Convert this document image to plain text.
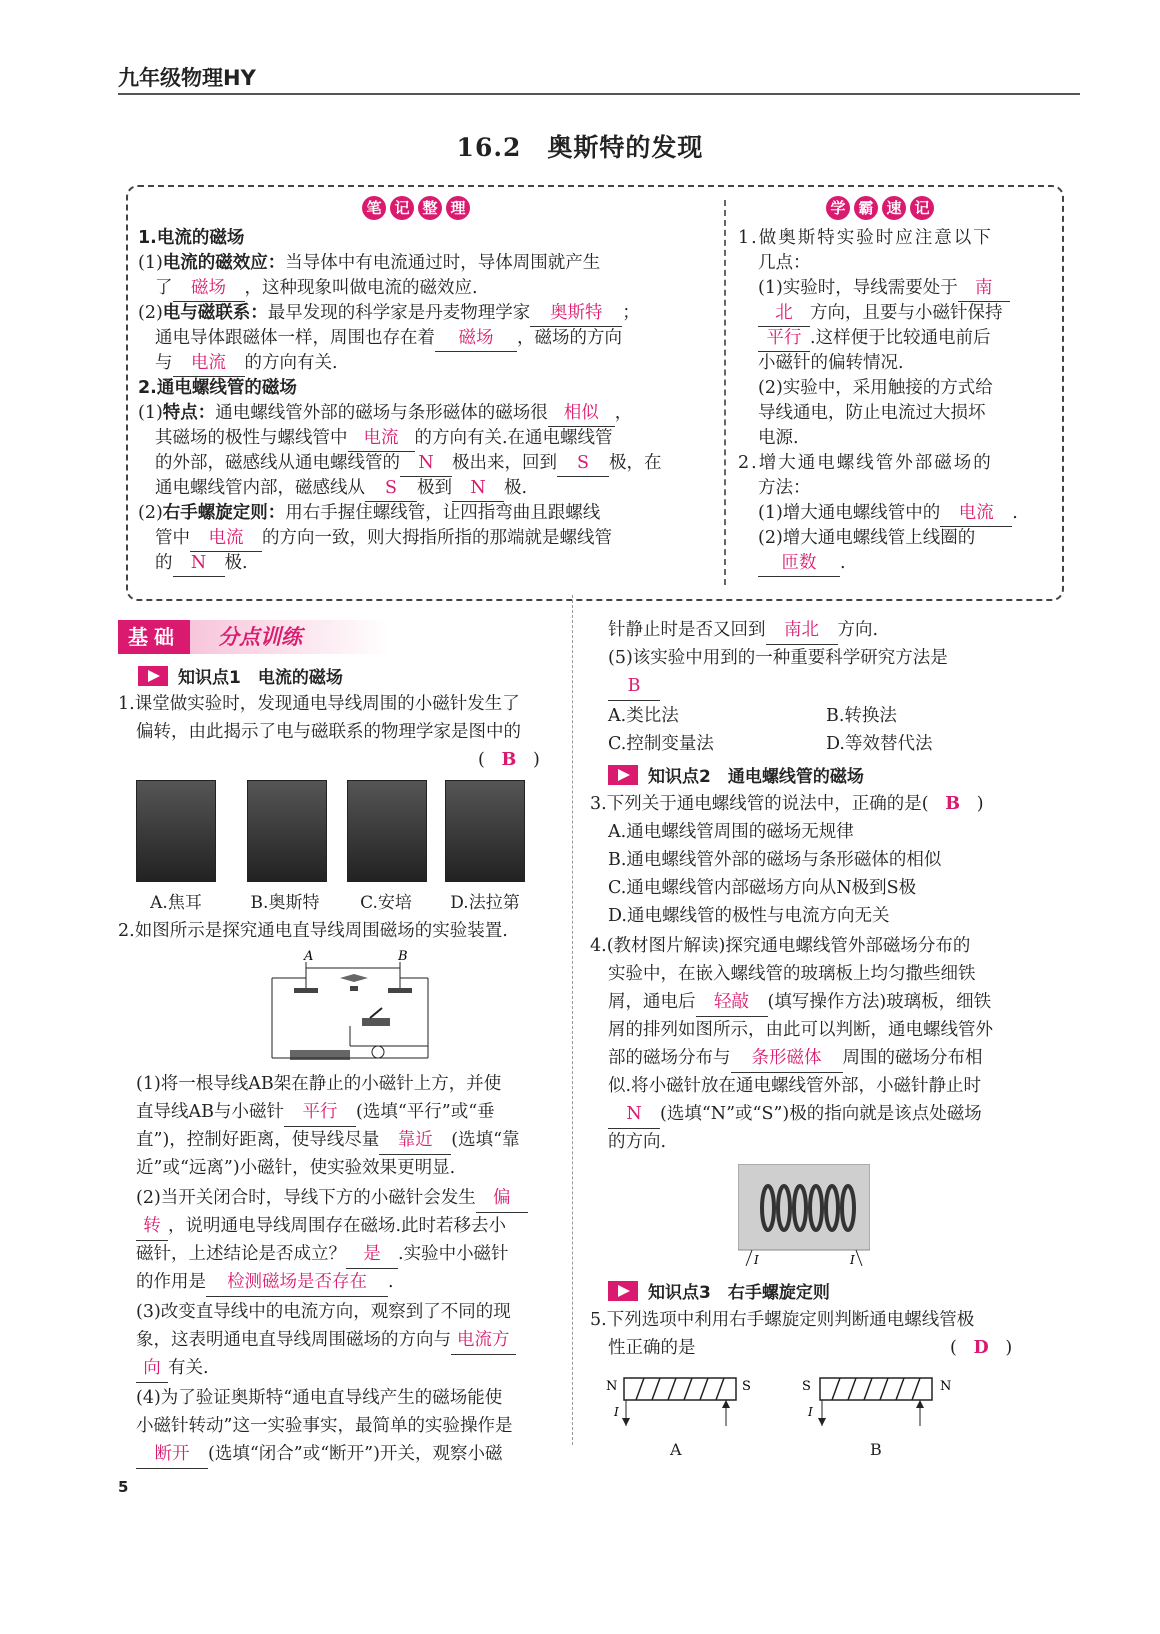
九年级物理HY
16.2　奥斯特的发现
笔 记 整 理	学 霸 速 记
1.电流的磁场
(1)电流的磁效应：当导体中有电流通过时，导体周围就产生
了 磁场 ，这种现象叫做电流的磁效应.
(2)电与磁联系：最早发现的科学家是丹麦物理学家 奥斯特 ；
通电导体跟磁体一样，周围也存在着 磁场 ，磁场的方向
与 电流 的方向有关.
2.通电螺线管的磁场
(1)特点：通电螺线管外部的磁场与条形磁体的磁场很 相似 ，
其磁场的极性与螺线管中 电流 的方向有关.在通电螺线管
的外部，磁感线从通电螺线管的 N 极出来，回到 S 极，在
通电螺线管内部，磁感线从 S 极到 N 极.
(2)右手螺旋定则：用右手握住螺线管，让四指弯曲且跟螺线
管中 电流 的方向一致，则大拇指所指的那端就是螺线管
的 N 极.
1.做奥斯特实验时应注意以下
几点：
(1)实验时，导线需要处于 南
北 方向，且要与小磁针保持
平行 .这样便于比较通电前后
小磁针的偏转情况.
(2)实验中，采用触接的方式给
导线通电，防止电流过大损坏
电源.
2.增大通电螺线管外部磁场的
方法：
(1)增大通电螺线管中的 电流 .
(2)增大通电螺线管上线圈的
匝数 .
基础	分点训练
知识点1　电流的磁场
1.课堂做实验时，发现通电导线周围的小磁针发生了
偏转，由此揭示了电与磁联系的物理学家是图中的
(   B   )
A.焦耳	B.奥斯特	C.安培	D.法拉第
2.如图所示是探究通电直导线周围磁场的实验装置.
A	B
(1)将一根导线AB架在静止的小磁针上方，并使
直导线AB与小磁针 平行 (选填“平行”或“垂
直”)，控制好距离，使导线尽量 靠近 (选填“靠
近”或“远离”)小磁针，使实验效果更明显.
(2)当开关闭合时，导线下方的小磁针会发生 偏
转 ，说明通电导线周围存在磁场.此时若移去小
磁针，上述结论是否成立？ 是 .实验中小磁针
的作用是 检测磁场是否存在 .
(3)改变直导线中的电流方向，观察到了不同的现
象，这表明通电直导线周围磁场的方向与 电流方
向 有关.
(4)为了验证奥斯特“通电直导线产生的磁场能使
小磁针转动”这一实验事实，最简单的实验操作是
断开 (选填“闭合”或“断开”)开关，观察小磁
针静止时是否又回到 南北 方向.
(5)该实验中用到的一种重要科学研究方法是
B
A.类比法	B.转换法
C.控制变量法	D.等效替代法
知识点2　通电螺线管的磁场
3.下列关于通电螺线管的说法中，正确的是( B )
A.通电螺线管周围的磁场无规律
B.通电螺线管外部的磁场与条形磁体的相似
C.通电螺线管内部磁场方向从N极到S极
D.通电螺线管的极性与电流方向无关
4.(教材图片解读)探究通电螺线管外部磁场分布的
实验中，在嵌入螺线管的玻璃板上均匀撒些细铁
屑，通电后 轻敲 (填写操作方法)玻璃板，细铁
屑的排列如图所示，由此可以判断，通电螺线管外
部的磁场分布与 条形磁体 周围的磁场分布相
似.将小磁针放在通电螺线管外部，小磁针静止时
N (选填“N”或“S”)极的指向就是该点处磁场
的方向.
I	I
知识点3　右手螺旋定则
5.下列选项中利用右手螺旋定则判断通电螺线管极
性正确的是	(   D   )
N	S
I
A
S	N
I
B
5
